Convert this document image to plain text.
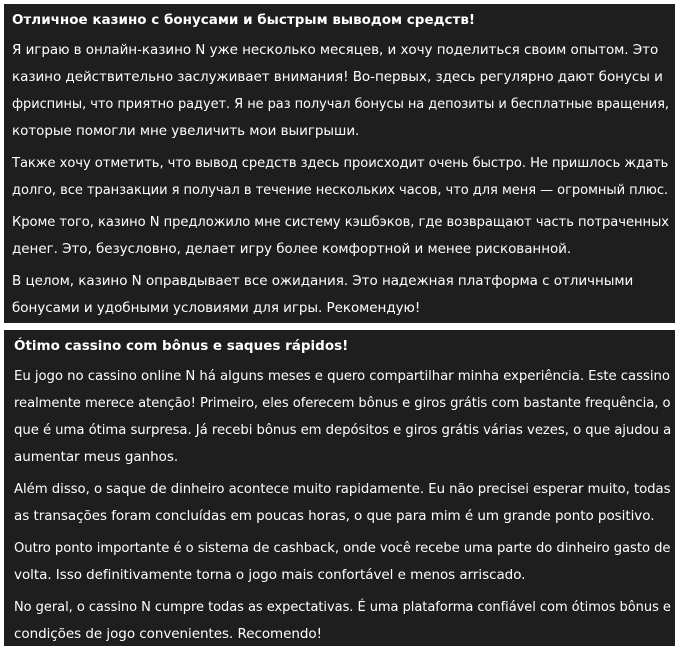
Отличное казино с бонусами и быстрым выводом средств!
Я играю в онлайн-казино N уже несколько месяцев, и хочу поделиться своим опытом. Это
казино действительно заслуживает внимания! Во-первых, здесь регулярно дают бонусы и
фриспины, что приятно радует. Я не раз получал бонусы на депозиты и бесплатные вращения,
которые помогли мне увеличить мои выигрыши.
Также хочу отметить, что вывод средств здесь происходит очень быстро. Не пришлось ждать
долго, все транзакции я получал в течение нескольких часов, что для меня — огромный плюс.
Кроме того, казино N предложило мне систему кэшбэков, где возвращают часть потраченных
денег. Это, безусловно, делает игру более комфортной и менее рискованной.
В целом, казино N оправдывает все ожидания. Это надежная платформа с отличными
бонусами и удобными условиями для игры. Рекомендую!
Ótimo cassino com bônus e saques rápidos!
Eu jogo no cassino online N há alguns meses e quero compartilhar minha experiência. Este cassino
realmente merece atenção! Primeiro, eles oferecem bônus e giros grátis com bastante frequência, o
que é uma ótima surpresa. Já recebi bônus em depósitos e giros grátis várias vezes, o que ajudou a
aumentar meus ganhos.
Além disso, o saque de dinheiro acontece muito rapidamente. Eu não precisei esperar muito, todas
as transações foram concluídas em poucas horas, o que para mim é um grande ponto positivo.
Outro ponto importante é o sistema de cashback, onde você recebe uma parte do dinheiro gasto de
volta. Isso definitivamente torna o jogo mais confortável e menos arriscado.
No geral, o cassino N cumpre todas as expectativas. É uma plataforma confiável com ótimos bônus e
condições de jogo convenientes. Recomendo!
